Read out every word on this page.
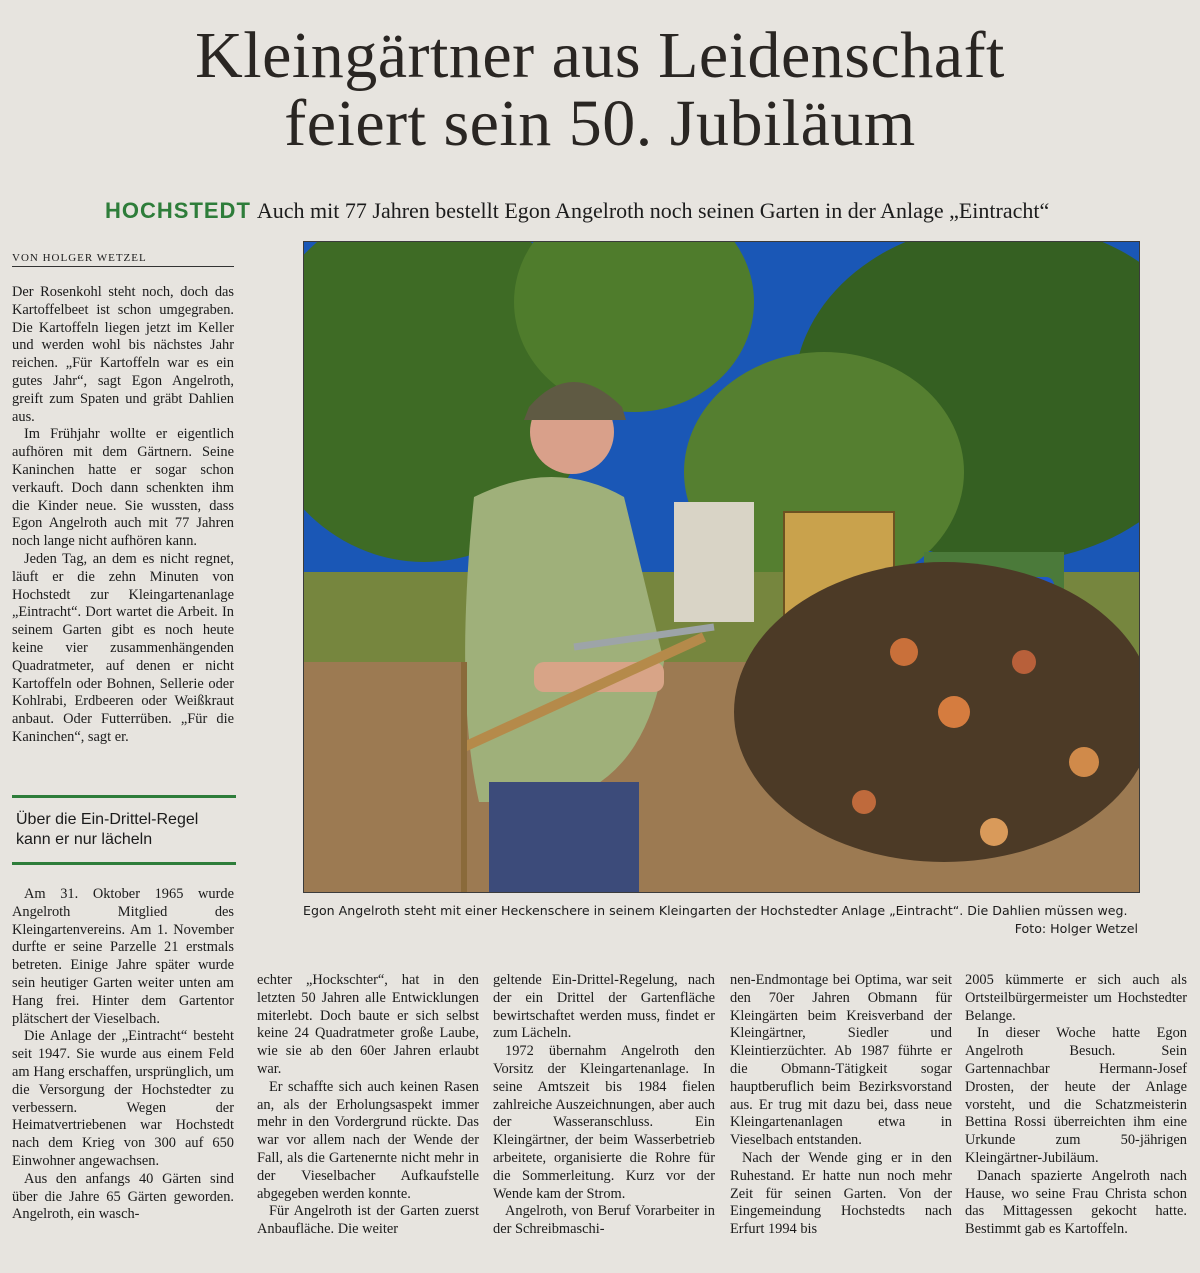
Kleingärtner aus Leidenschaft
feiert sein 50. Jubiläum
HOCHSTEDT Auch mit 77 Jahren bestellt Egon Angelroth noch seinen Garten in der Anlage „Eintracht“
VON HOLGER WETZEL

Der Rosenkohl steht noch, doch das Kartoffelbeet ist schon umgegraben. Die Kartoffeln liegen jetzt im Keller und werden wohl bis nächstes Jahr reichen. „Für Kartoffeln war es ein gutes Jahr“, sagt Egon Angelroth, greift zum Spaten und gräbt Dahlien aus.

Im Frühjahr wollte er eigentlich aufhören mit dem Gärtnern. Seine Kaninchen hatte er sogar schon verkauft. Doch dann schenkten ihm die Kinder neue. Sie wussten, dass Egon Angelroth auch mit 77 Jahren noch lange nicht aufhören kann.

Jeden Tag, an dem es nicht regnet, läuft er die zehn Minuten von Hochstedt zur Kleingartenanlage „Eintracht“. Dort wartet die Arbeit. In seinem Garten gibt es noch heute keine vier zusammenhängenden Quadratmeter, auf denen er nicht Kartoffeln oder Bohnen, Sellerie oder Kohlrabi, Erdbeeren oder Weißkraut anbaut. Oder Futterrüben. „Für die Kaninchen“, sagt er.

Über die Ein-Drittel-Regel kann er nur lächeln

Am 31. Oktober 1965 wurde Angelroth Mitglied des Kleingartenvereins. Am 1. November durfte er seine Parzelle 21 erstmals betreten. Einige Jahre später wurde sein heutiger Garten weiter unten am Hang frei. Hinter dem Gartentor plätschert der Vieselbach.

Die Anlage der „Eintracht“ besteht seit 1947. Sie wurde aus einem Feld am Hang erschaffen, ursprünglich, um die Versorgung der Hochstedter zu verbessern. Wegen der Heimatvertriebenen war Hochstedt nach dem Krieg von 300 auf 650 Einwohner angewachsen.

Aus den anfangs 40 Gärten sind über die Jahre 65 Gärten geworden. Angelroth, ein wasch-

Egon Angelroth steht mit einer Heckenschere in seinem Kleingarten der Hochstedter Anlage „Eintracht“. Die Dahlien müssen weg.
Foto: Holger Wetzel

echter „Hockschter“, hat in den letzten 50 Jahren alle Entwicklungen miterlebt. Doch baute er sich selbst keine 24 Quadratmeter große Laube, wie sie ab den 60er Jahren erlaubt war.

Er schaffte sich auch keinen Rasen an, als der Erholungsaspekt immer mehr in den Vordergrund rückte. Das war vor allem nach der Wende der Fall, als die Gartenernte nicht mehr in der Vieselbacher Aufkaufstelle abgegeben werden konnte.

Für Angelroth ist der Garten zuerst Anbaufläche. Die weiter

geltende Ein-Drittel-Regelung, nach der ein Drittel der Gartenfläche bewirtschaftet werden muss, findet er zum Lächeln.

1972 übernahm Angelroth den Vorsitz der Kleingartenanlage. In seine Amtszeit bis 1984 fielen zahlreiche Auszeichnungen, aber auch der Wasseranschluss. Ein Kleingärtner, der beim Wasserbetrieb arbeitete, organisierte die Rohre für die Sommerleitung. Kurz vor der Wende kam der Strom.

Angelroth, von Beruf Vorarbeiter in der Schreibmaschi-

nen-Endmontage bei Optima, war seit den 70er Jahren Obmann für Kleingärten beim Kreisverband der Kleingärtner, Siedler und Kleintierzüchter. Ab 1987 führte er die Obmann-Tätigkeit sogar hauptberuflich beim Bezirksvorstand aus. Er trug mit dazu bei, dass neue Kleingartenanlagen etwa in Vieselbach entstanden.

Nach der Wende ging er in den Ruhestand. Er hatte nun noch mehr Zeit für seinen Garten. Von der Eingemeindung Hochstedts nach Erfurt 1994 bis

2005 kümmerte er sich auch als Ortsteilbürgermeister um Hochstedter Belange.

In dieser Woche hatte Egon Angelroth Besuch. Sein Gartennachbar Hermann-Josef Drosten, der heute der Anlage vorsteht, und die Schatzmeisterin Bettina Rossi überreichten ihm eine Urkunde zum 50-jährigen Kleingärtner-Jubiläum.

Danach spazierte Angelroth nach Hause, wo seine Frau Christa schon das Mittagessen gekocht hatte. Bestimmt gab es Kartoffeln.
